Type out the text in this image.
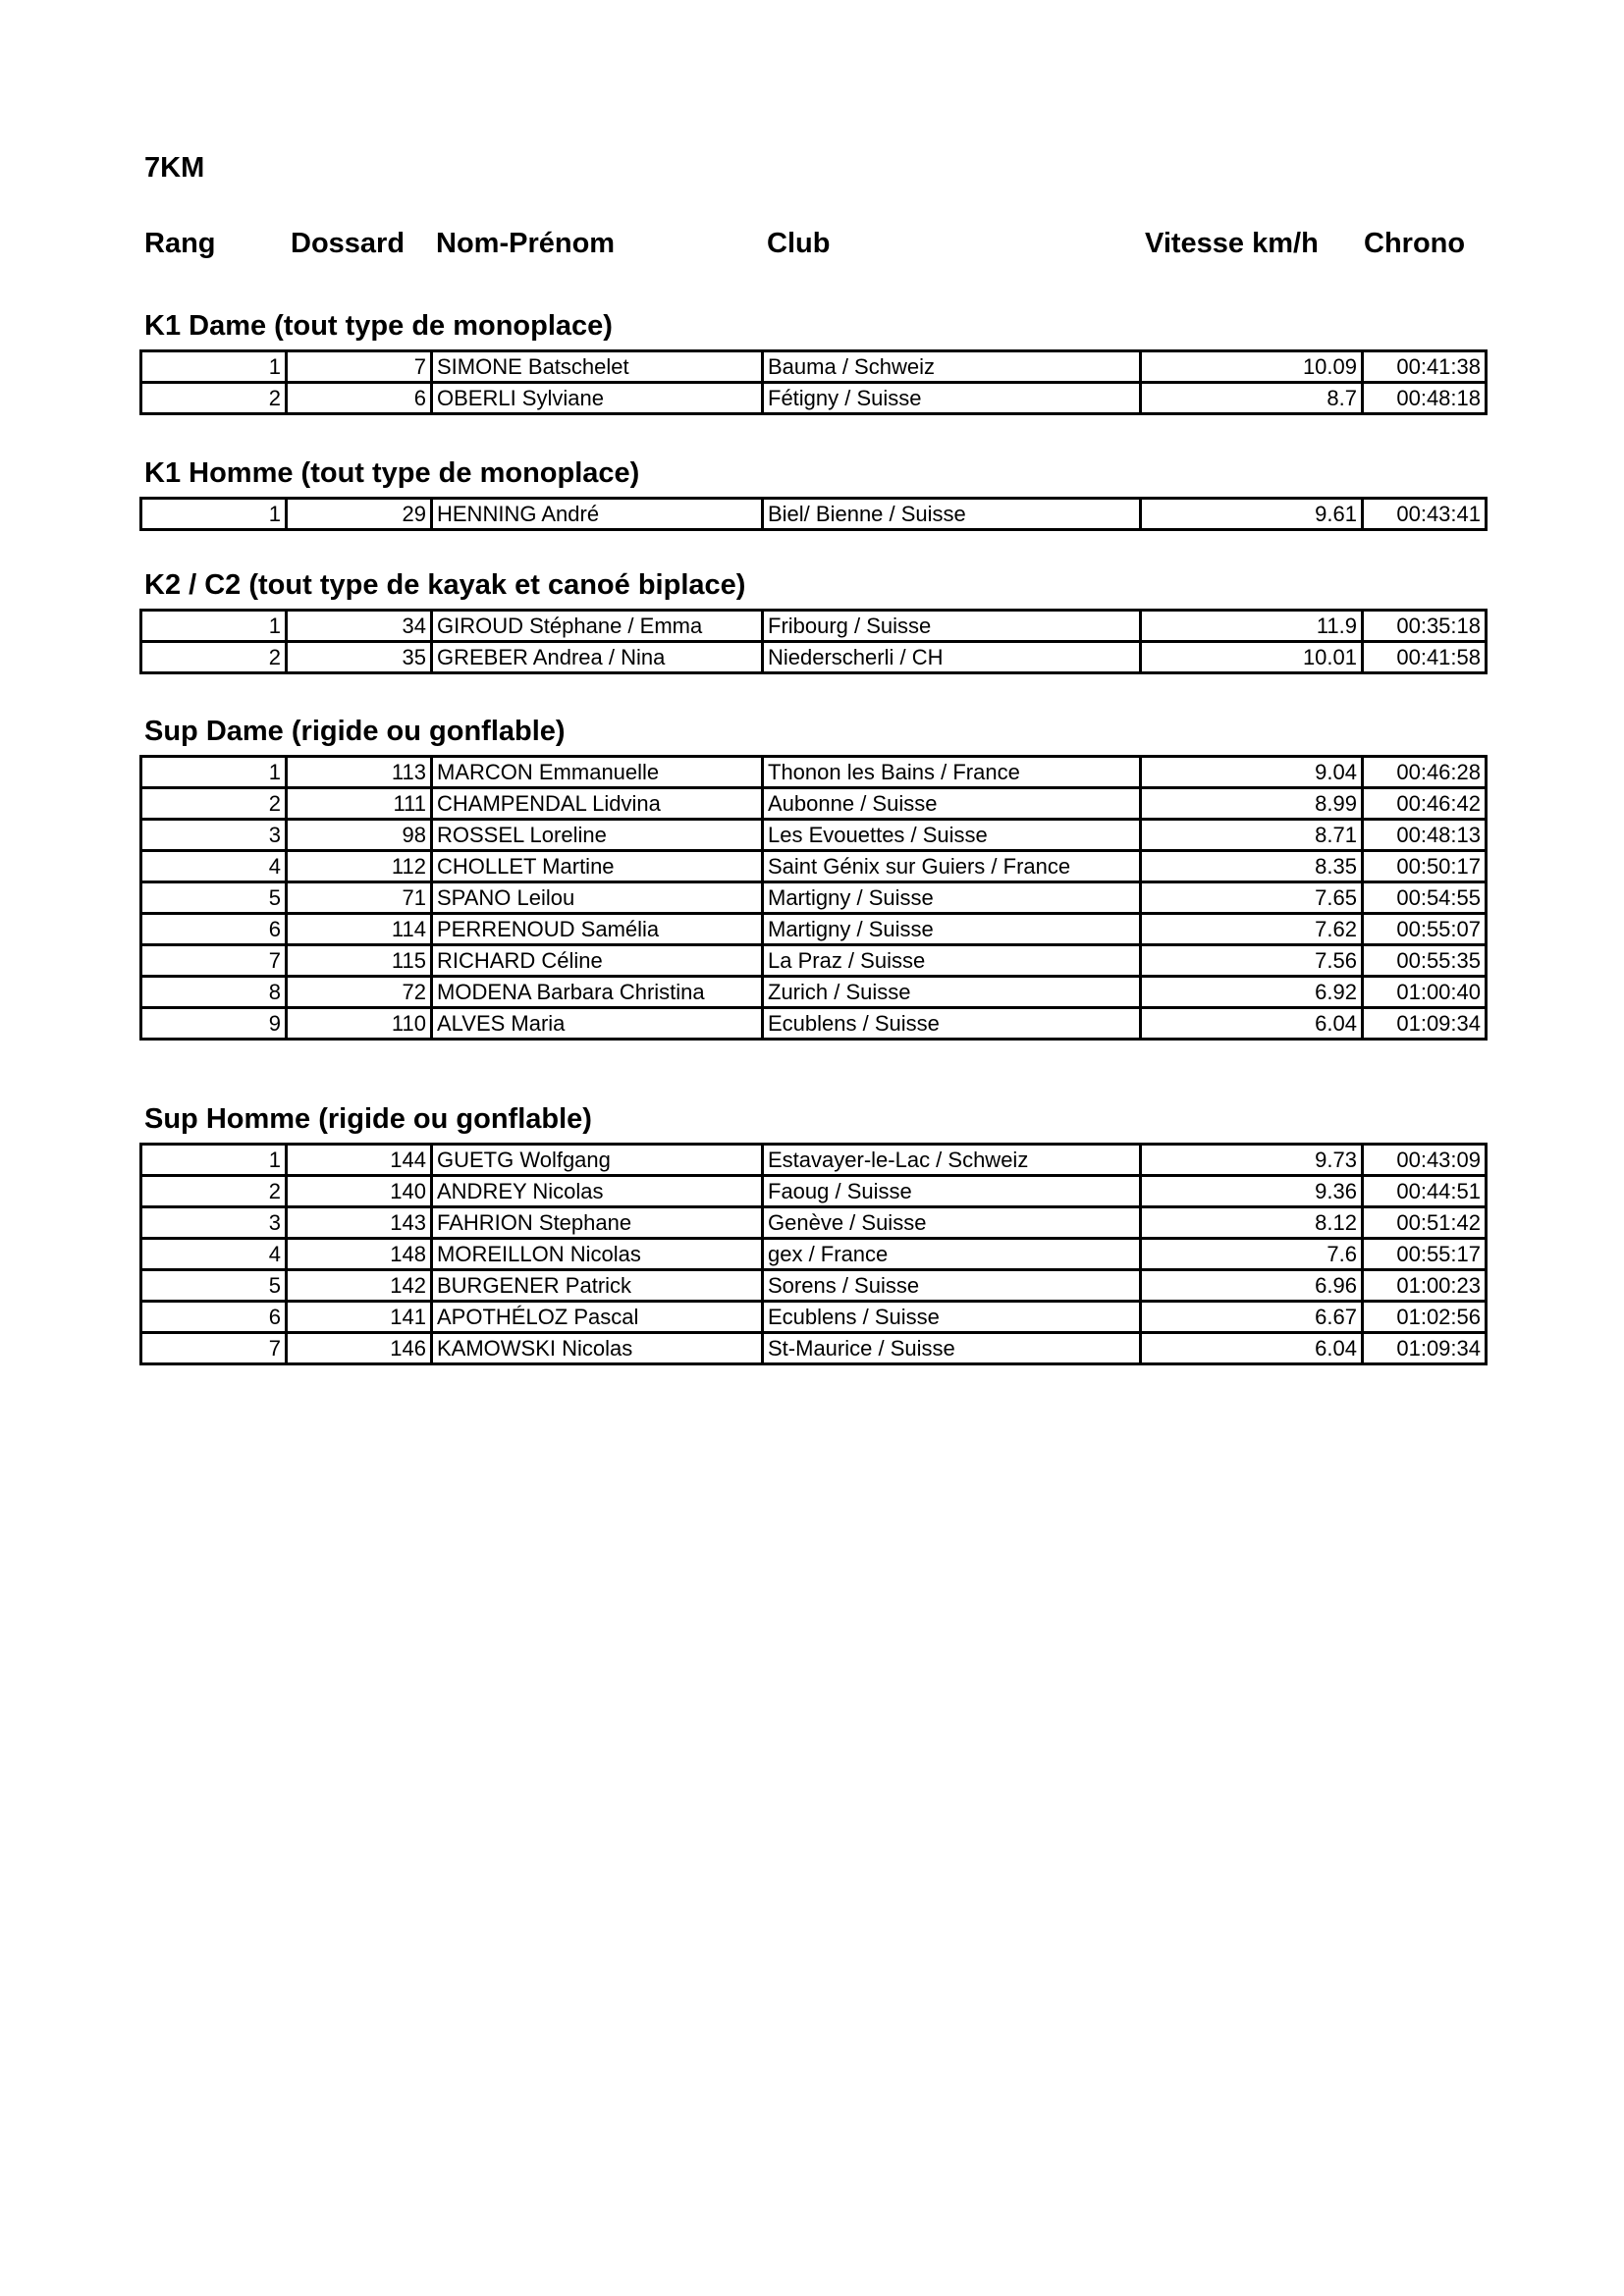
7KM
Rang	Dossard Nom-Prénom	Club	Vitesse km/h Chrono
K1 Dame (tout type de monoplace)
1	7	SIMONE Batschelet	Bauma / Schweiz	10.09	00:41:38
2	6	OBERLI Sylviane	Fétigny / Suisse	8.7	00:48:18
K1 Homme (tout type de monoplace)
1	29	HENNING André	Biel/ Bienne / Suisse	9.61	00:43:41
K2 / C2 (tout type de kayak et canoé biplace)
1	34	GIROUD Stéphane / Emma	Fribourg / Suisse	11.9	00:35:18
2	35	GREBER Andrea / Nina	Niederscherli / CH	10.01	00:41:58
Sup Dame (rigide ou gonflable)
1	113	MARCON Emmanuelle	Thonon les Bains / France	9.04	00:46:28
2	111	CHAMPENDAL Lidvina	Aubonne / Suisse	8.99	00:46:42
3	98	ROSSEL Loreline	Les Evouettes / Suisse	8.71	00:48:13
4	112	CHOLLET Martine	Saint Génix sur Guiers / France	8.35	00:50:17
5	71	SPANO Leilou	Martigny / Suisse	7.65	00:54:55
6	114	PERRENOUD Samélia	Martigny / Suisse	7.62	00:55:07
7	115	RICHARD Céline	La Praz / Suisse	7.56	00:55:35
8	72	MODENA Barbara Christina	Zurich / Suisse	6.92	01:00:40
9	110	ALVES Maria	Ecublens / Suisse	6.04	01:09:34
Sup Homme (rigide ou gonflable)
1	144	GUETG Wolfgang	Estavayer-le-Lac / Schweiz	9.73	00:43:09
2	140	ANDREY Nicolas	Faoug / Suisse	9.36	00:44:51
3	143	FAHRION Stephane	Genève / Suisse	8.12	00:51:42
4	148	MOREILLON Nicolas	gex / France	7.6	00:55:17
5	142	BURGENER Patrick	Sorens / Suisse	6.96	01:00:23
6	141	APOTHÉLOZ Pascal	Ecublens / Suisse	6.67	01:02:56
7	146	KAMOWSKI Nicolas	St-Maurice / Suisse	6.04	01:09:34
